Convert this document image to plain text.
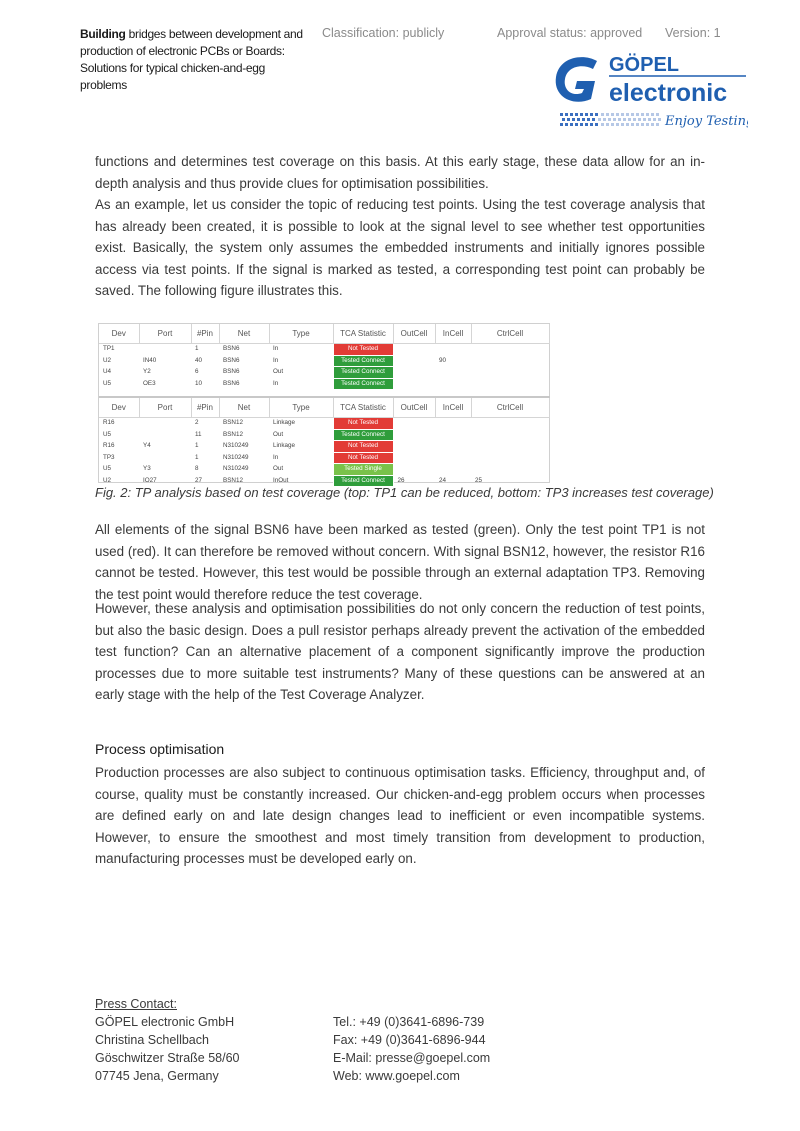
Building bridges between development and production of electronic PCBs or Boards: Solutions for typical chicken-and-egg problems
Classification: publicly	Approval status: approved Version: 1
GÖPEL
electronic
Enjoy Testing

functions and determines test coverage on this basis. At this early stage, these data allow for an in-depth analysis and thus provide clues for optimisation possibilities.

As an example, let us consider the topic of reducing test points. Using the test coverage analysis that has already been created, it is possible to look at the signal level to see whether test opportunities exist. Basically, the system only assumes the embedded instruments and initially ignores possible access via test points. If the signal is marked as tested, a corresponding test point can probably be saved. The following figure illustrates this.

Dev	Port	#Pin	Net	Type	TCA Statistic	OutCell	InCell	CtrlCell
TP1		1	BSN6	In	Not Tested			
U2	IN40	40	BSN6	In	Tested Connect		90	
U4	Y2	6	BSN6	Out	Tested Connect			
U5	OE3	10	BSN6	In	Tested Connect			
Dev	Port	#Pin	Net	Type	TCA Statistic	OutCell	InCell	CtrlCell
R16		2	BSN12	Linkage	Not Tested			
U5		11	BSN12	Out	Tested Connect			
R16	Y4	1	N310249	Linkage	Not Tested			
TP3		1	N310249	In	Not Tested			
U5	Y3	8	N310249	Out	Tested Single			
U2	IO27	27	BSN12	InOut	Tested Connect	26	24	25

Fig. 2: TP analysis based on test coverage (top: TP1 can be reduced, bottom: TP3 increases test coverage)

All elements of the signal BSN6 have been marked as tested (green). Only the test point TP1 is not used (red). It can therefore be removed without concern. With signal BSN12, however, the resistor R16 cannot be tested. However, this test would be possible through an external adaptation TP3. Removing the test point would therefore reduce the test coverage.

However, these analysis and optimisation possibilities do not only concern the reduction of test points, but also the basic design. Does a pull resistor perhaps already prevent the activation of the embedded test function? Can an alternative placement of a component significantly improve the production processes due to more suitable test instruments? Many of these questions can be answered at an early stage with the help of the Test Coverage Analyzer.

Process optimisation

Production processes are also subject to continuous optimisation tasks. Efficiency, throughput and, of course, quality must be constantly increased. Our chicken-and-egg problem occurs when processes are defined early on and late design changes lead to inefficient or even incompatible systems. However, to ensure the smoothest and most timely transition from development to production, manufacturing processes must be developed early on.

Press Contact:
GÖPEL electronic GmbH
Christina Schellbach
Göschwitzer Straße 58/60
07745 Jena, Germany
Tel.: +49 (0)3641-6896-739
Fax: +49 (0)3641-6896-944
E-Mail: presse@goepel.com
Web: www.goepel.com
